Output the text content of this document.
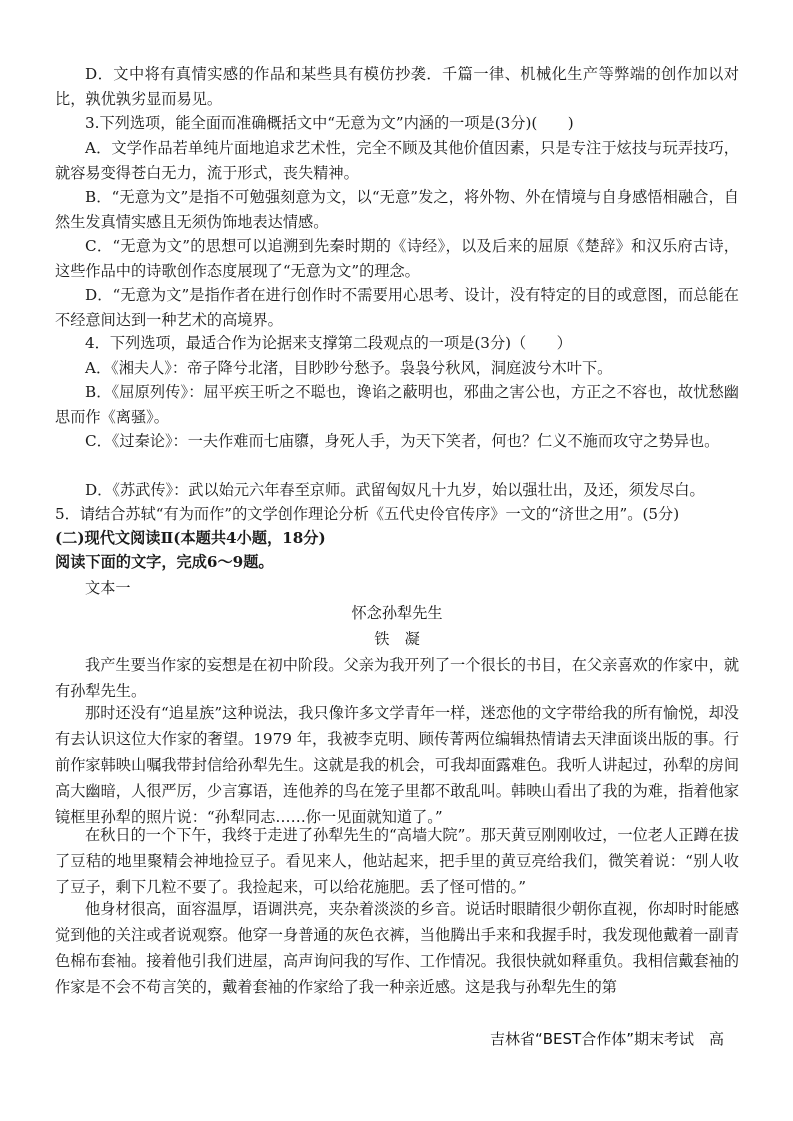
D．文中将有真情实感的作品和某些具有模仿抄袭．千篇一律、机械化生产等弊端的创作加以对比，孰优孰劣显而易见。
3.下列选项，能全面而准确概括文中“无意为文”内涵的一项是(3分)(　　)
A．文学作品若单纯片面地追求艺术性，完全不顾及其他价值因素，只是专注于炫技与玩弄技巧，就容易变得苍白无力，流于形式，丧失精神。
B．“无意为文”是指不可勉强刻意为文，以“无意”发之，将外物、外在情境与自身感悟相融合，自然生发真情实感且无须伪饰地表达情感。
C．“无意为文”的思想可以追溯到先秦时期的《诗经》，以及后来的屈原《楚辞》和汉乐府古诗，这些作品中的诗歌创作态度展现了“无意为文”的理念。
D．“无意为文”是指作者在进行创作时不需要用心思考、设计，没有特定的目的或意图，而总能在不经意间达到一种艺术的高境界。
4．下列选项，最适合作为论据来支撑第二段观点的一项是(3分)（　　）
A．《湘夫人》：帝子降兮北渚，目眇眇兮愁予。袅袅兮秋风，洞庭波兮木叶下。
B．《屈原列传》：屈平疾王听之不聪也，谗谄之蔽明也，邪曲之害公也，方正之不容也，故忧愁幽思而作《离骚》。
C．《过秦论》：一夫作难而七庙隳，身死人手，为天下笑者，何也？仁义不施而攻守之势异也。
D．《苏武传》：武以始元六年春至京师。武留匈奴凡十九岁，始以强壮出，及还，须发尽白。
5．请结合苏轼“有为而作”的文学创作理论分析《五代史伶官传序》一文的“济世之用”。(5分)
(二)现代文阅读Ⅱ(本题共4小题，18分)
阅读下面的文字，完成6～9题。
文本一
怀念孙犁先生
铁　凝
我产生要当作家的妄想是在初中阶段。父亲为我开列了一个很长的书目，在父亲喜欢的作家中，就有孙犁先生。
那时还没有“追星族”这种说法，我只像许多文学青年一样，迷恋他的文字带给我的所有愉悦，却没有去认识这位大作家的奢望。1979 年，我被李克明、顾传菁两位编辑热情请去天津面谈出版的事。行前作家韩映山嘱我带封信给孙犁先生。这就是我的机会，可我却面露难色。我听人讲起过，孙犁的房间高大幽暗，人很严厉，少言寡语，连他养的鸟在笼子里都不敢乱叫。韩映山看出了我的为难，指着他家镜框里孙犁的照片说：“孙犁同志……你一见面就知道了。”
在秋日的一个下午，我终于走进了孙犁先生的“高墙大院”。那天黄豆刚刚收过，一位老人正蹲在拔了豆秸的地里聚精会神地捡豆子。看见来人，他站起来，把手里的黄豆亮给我们，微笑着说：“别人收了豆子，剩下几粒不要了。我捡起来，可以给花施肥。丢了怪可惜的。”
他身材很高，面容温厚，语调洪亮，夹杂着淡淡的乡音。说话时眼睛很少朝你直视，你却时时能感觉到他的关注或者说观察。他穿一身普通的灰色衣裤，当他腾出手来和我握手时，我发现他戴着一副青色棉布套袖。接着他引我们进屋，高声询问我的写作、工作情况。我很快就如释重负。我相信戴套袖的作家是不会不苟言笑的，戴着套袖的作家给了我一种亲近感。这是我与孙犁先生的第
吉林省“BEST合作体”期末考试　高
